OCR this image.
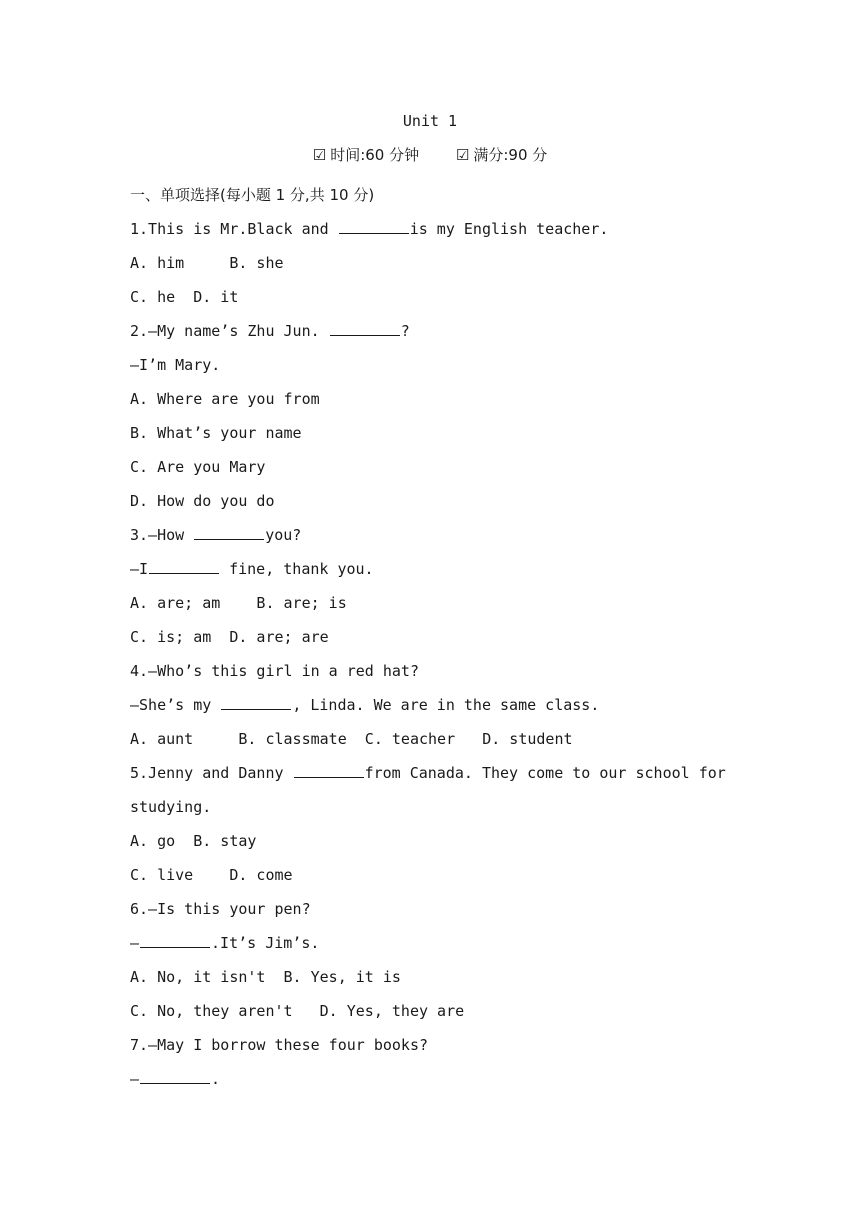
Unit 1
☑ 时间:60 分钟 ☑ 满分:90 分
一、单项选择(每小题 1 分,共 10 分)
1.This is Mr.Black and	is my English teacher.
A. him     B. she
C. he  D. it
2.—My name’s Zhu Jun.	?
—I’m Mary.
A. Where are you from
B. What’s your name
C. Are you Mary
D. How do you do
3.—How	you?
—I	fine, thank you.
A. are; am    B. are; is
C. is; am  D. are; are
4.—Who’s this girl in a red hat?
—She’s my	, Linda. We are in the same class.
A. aunt     B. classmate  C. teacher   D. student
5.Jenny and Danny	from Canada. They come to our school for
studying.
A. go  B. stay
C. live    D. come
6.—Is this your pen?
—	.It’s Jim’s.
A. No, it isn't  B. Yes, it is
C. No, they aren't   D. Yes, they are
7.—May I borrow these four books?
—	.
